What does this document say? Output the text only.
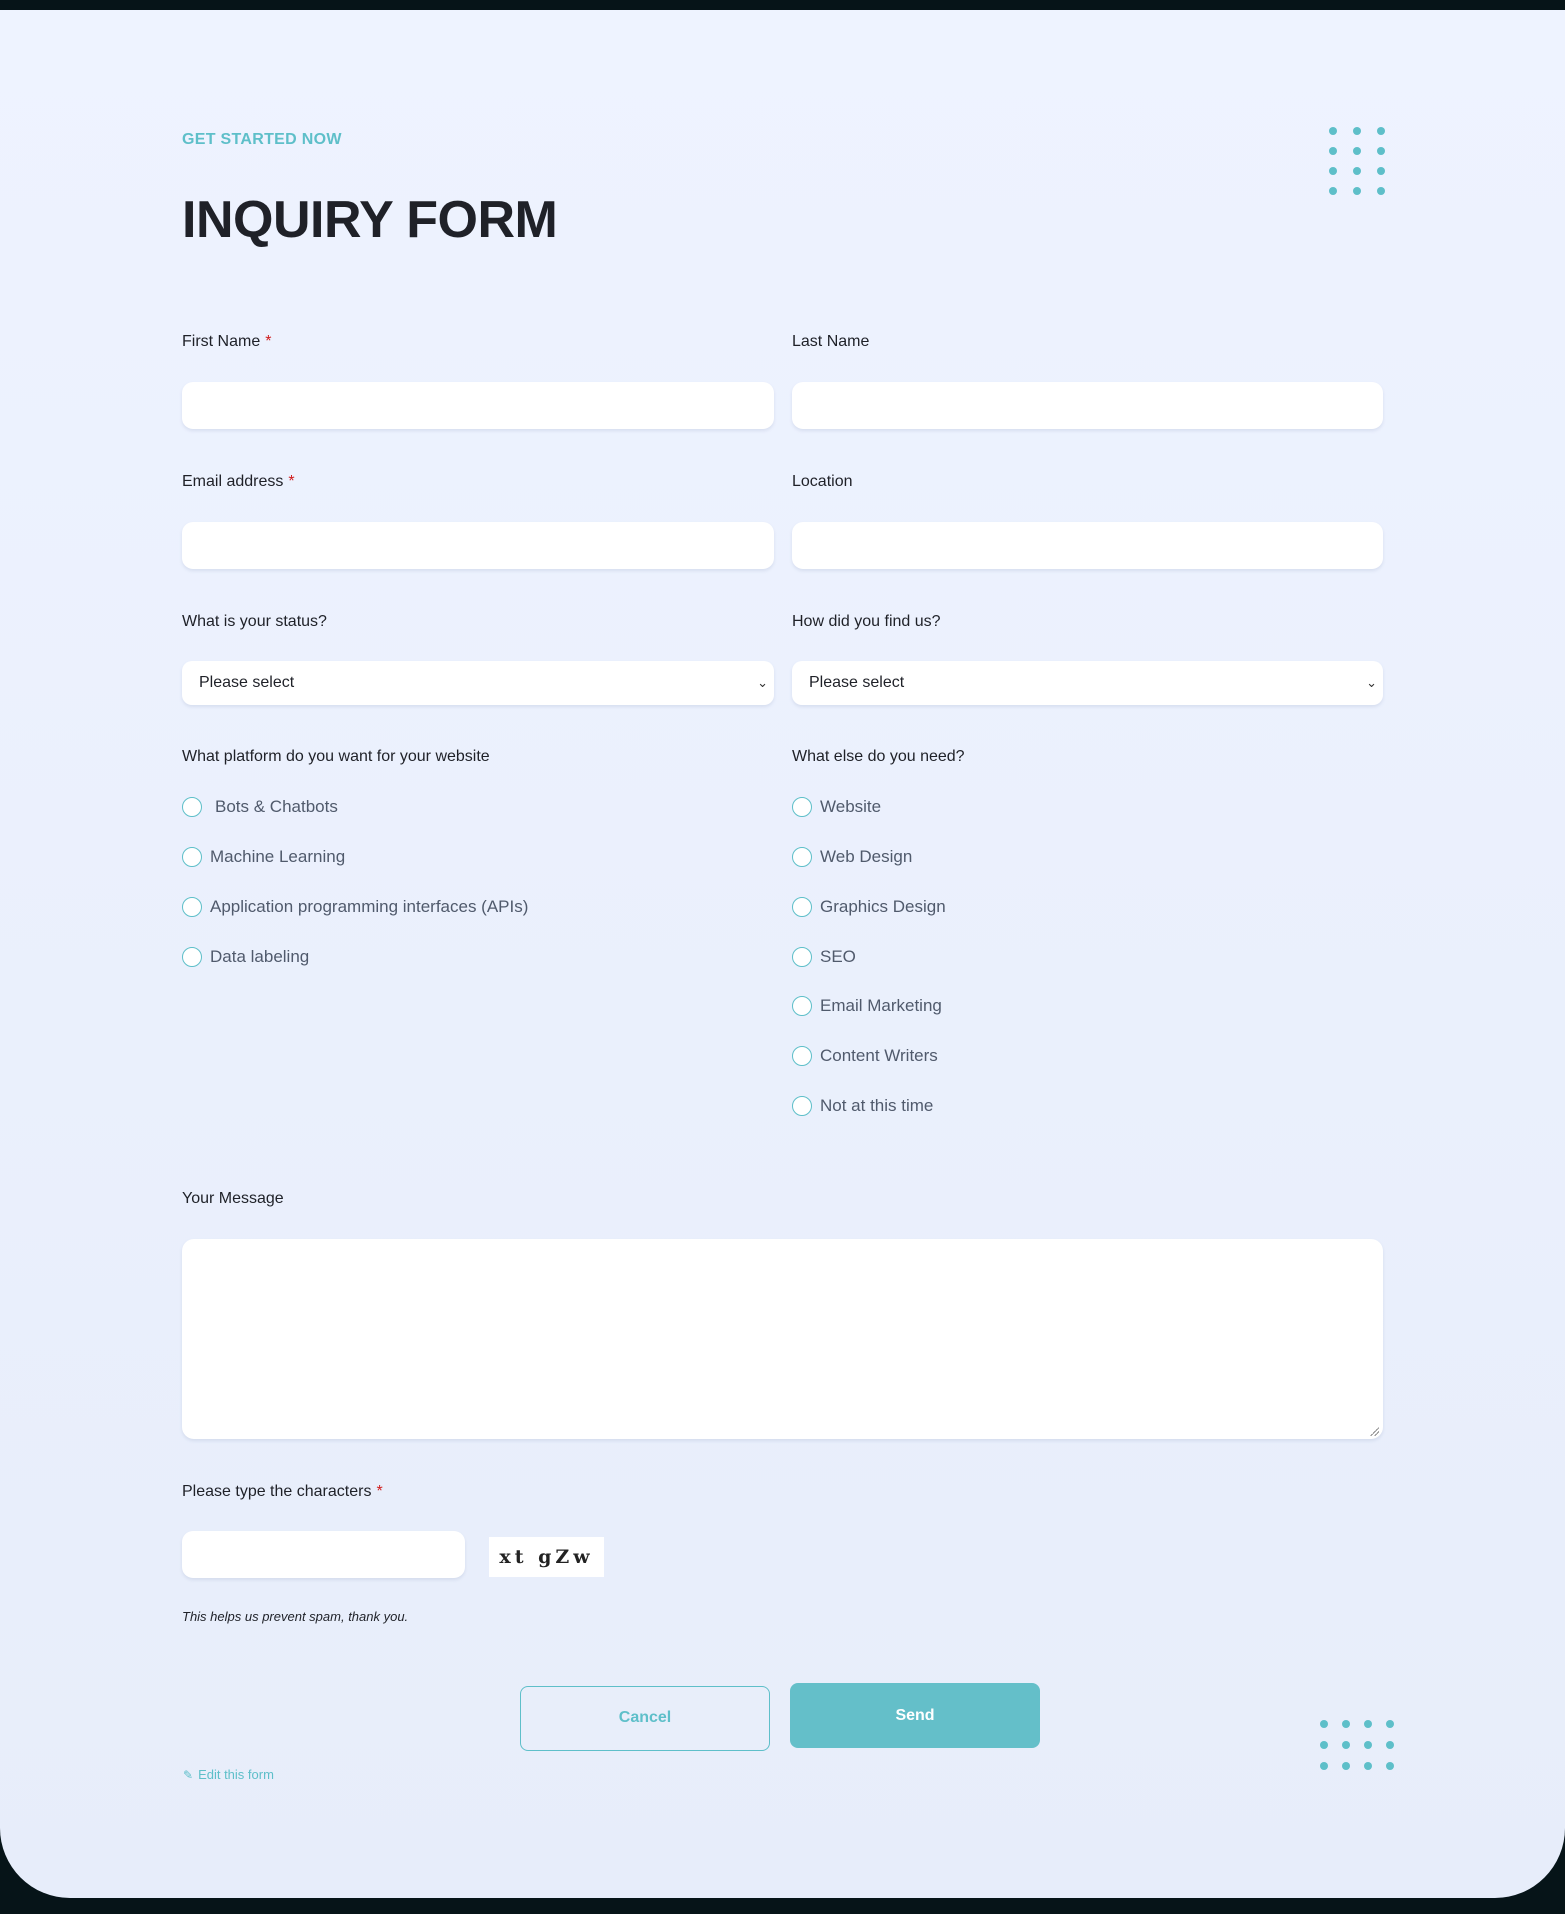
GET STARTED NOW
INQUIRY FORM
First Name *	Last Name
Email address *	Location
What is your status?
Please select	⌄
How did you find us?
Please select	⌄
What platform do you want for your website
Bots & Chatbots
Machine Learning
Application programming interfaces (APIs)
Data labeling
What else do you need?
Website
Web Design
Graphics Design
SEO
Email Marketing
Content Writers
Not at this time
Your Message
Please type the characters *
xt gZw
This helps us prevent spam, thank you.
Cancel	Send
✎ Edit this form
